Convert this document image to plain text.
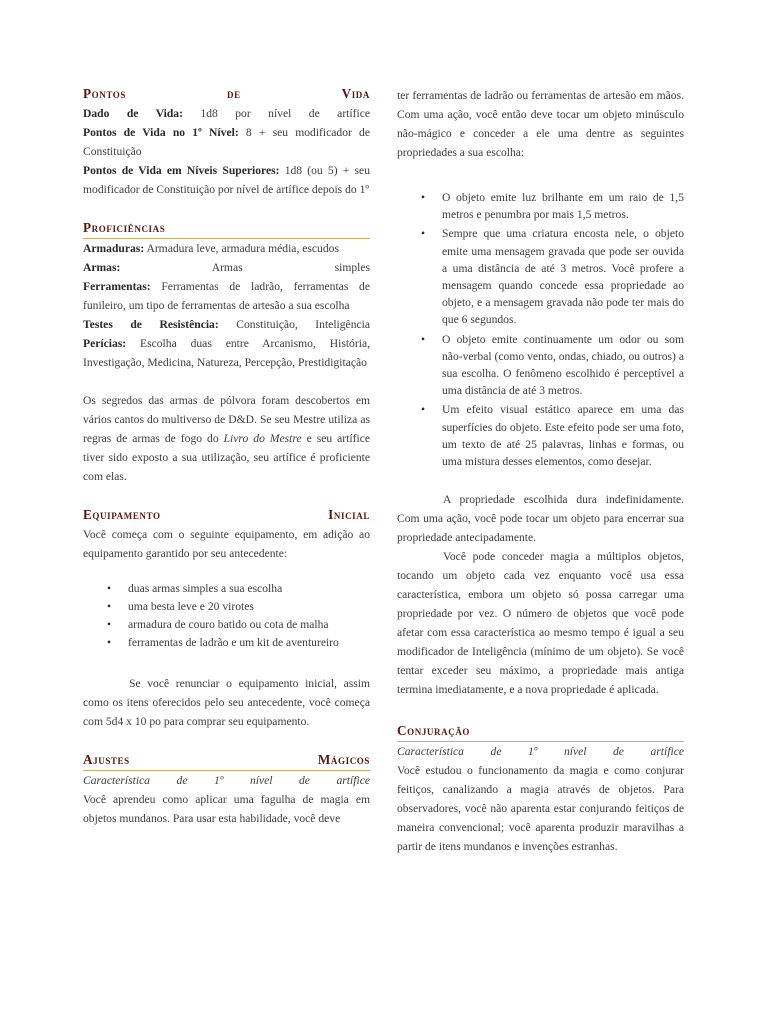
Pontos de Vida

Dado de Vida: 1d8 por nível de artífice

Pontos de Vida no 1º Nível: 8 + seu modificador de Constituição

Pontos de Vida em Níveis Superiores: 1d8 (ou 5) + seu modificador de Constituição por nível de artífice depois do 1º

Proficiências

Armaduras: Armadura leve, armadura média, escudos

Armas:	Armas simples

Ferramentas: Ferramentas de ladrão, ferramentas de funileiro, um tipo de ferramentas de artesão a sua escolha

Testes de Resistência: Constituição, Inteligência

Perícias: Escolha duas entre Arcanismo, História, Investigação, Medicina, Natureza, Percepção, Prestidigitação

Os segredos das armas de pólvora foram descobertos em vários cantos do multiverso de D&D. Se seu Mestre utiliza as regras de armas de fogo do Livro do Mestre e seu artífice tiver sido exposto a sua utilização, seu artífice é proficiente com elas.

Equipamento Inicial

Você começa com o seguinte equipamento, em adição ao equipamento garantido por seu antecedente:

• duas armas simples a sua escolha
• uma besta leve e 20 virotes
• armadura de couro batido ou cota de malha
• ferramentas de ladrão e um kit de aventureiro

Se você renunciar o equipamento inicial, assim como os itens oferecidos pelo seu antecedente, você começa com 5d4 x 10 po para comprar seu equipamento.

Ajustes Mágicos

Característica de 1º nível de artífice

Você aprendeu como aplicar uma fagulha de magia em objetos mundanos. Para usar esta habilidade, você deve

ter ferramentas de ladrão ou ferramentas de artesão em mãos. Com uma ação, você então deve tocar um objeto minúsculo não-mágico e conceder a ele uma dentre as seguintes propriedades a sua escolha:

• O objeto emite luz brilhante em um raio de 1,5 metros e penumbra por mais 1,5 metros.
• Sempre que uma criatura encosta nele, o objeto emite uma mensagem gravada que pode ser ouvida a uma distância de até 3 metros. Você profere a mensagem quando concede essa propriedade ao objeto, e a mensagem gravada não pode ter mais do que 6 segundos.
• O objeto emite continuamente um odor ou som não-verbal (como vento, ondas, chiado, ou outros) a sua escolha. O fenômeno escolhido é perceptível a uma distância de até 3 metros.
• Um efeito visual estático aparece em uma das superfícies do objeto. Este efeito pode ser uma foto, um texto de até 25 palavras, linhas e formas, ou uma mistura desses elementos, como desejar.

A propriedade escolhida dura indefinidamente. Com uma ação, você pode tocar um objeto para encerrar sua propriedade antecipadamente.

Você pode conceder magia a múltiplos objetos, tocando um objeto cada vez enquanto você usa essa característica, embora um objeto só possa carregar uma propriedade por vez. O número de objetos que você pode afetar com essa característica ao mesmo tempo é igual a seu modificador de Inteligência (mínimo de um objeto). Se você tentar exceder seu máximo, a propriedade mais antiga termina imediatamente, e a nova propriedade é aplicada.

Conjuração

Característica de 1º nível de artífice

Você estudou o funcionamento da magia e como conjurar feitiços, canalizando a magia através de objetos. Para observadores, você não aparenta estar conjurando feitiços de maneira convencional; você aparenta produzir maravilhas a partir de itens mundanos e invenções estranhas.
